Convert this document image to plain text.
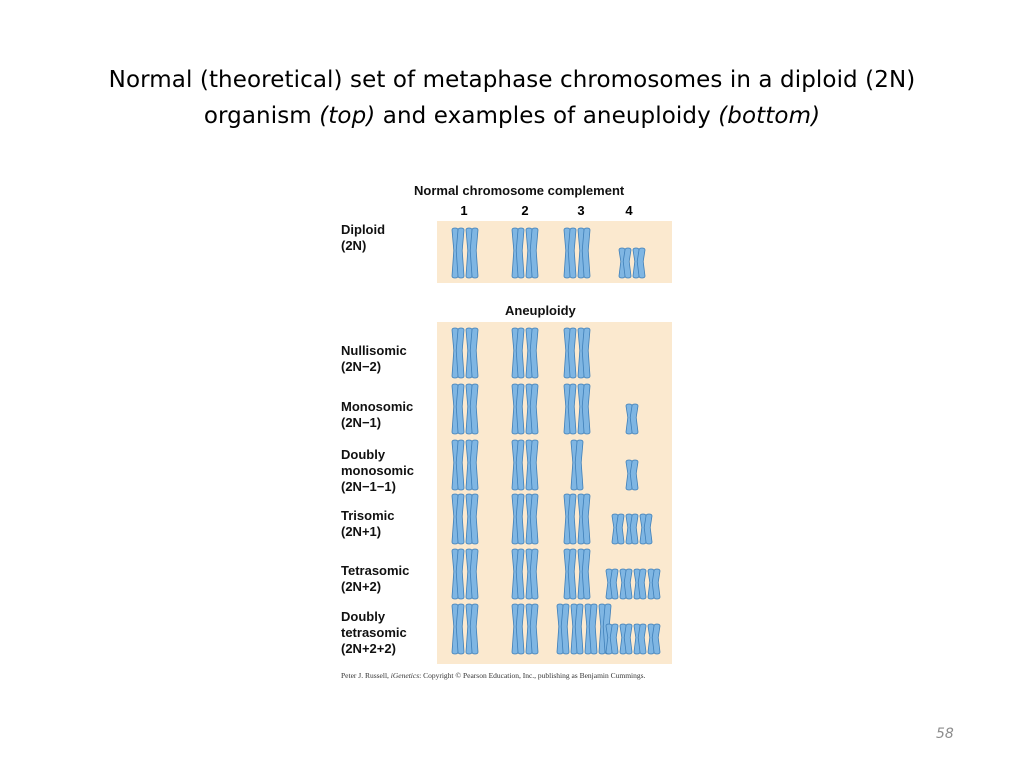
Normal (theoretical) set of metaphase chromosomes in a diploid (2N) organism (top) and examples of aneuploidy (bottom)
Normal chromosome complement
1	2	3	4
Aneuploidy
Diploid
(2N)
Nullisomic
(2N−2)
Monosomic
(2N−1)
Doubly
monosomic
(2N−1−1)
Trisomic
(2N+1)
Tetrasomic
(2N+2)
Doubly
tetrasomic
(2N+2+2)
Peter J. Russell, iGenetics: Copyright © Pearson Education, Inc., publishing as Benjamin Cummings.
58
